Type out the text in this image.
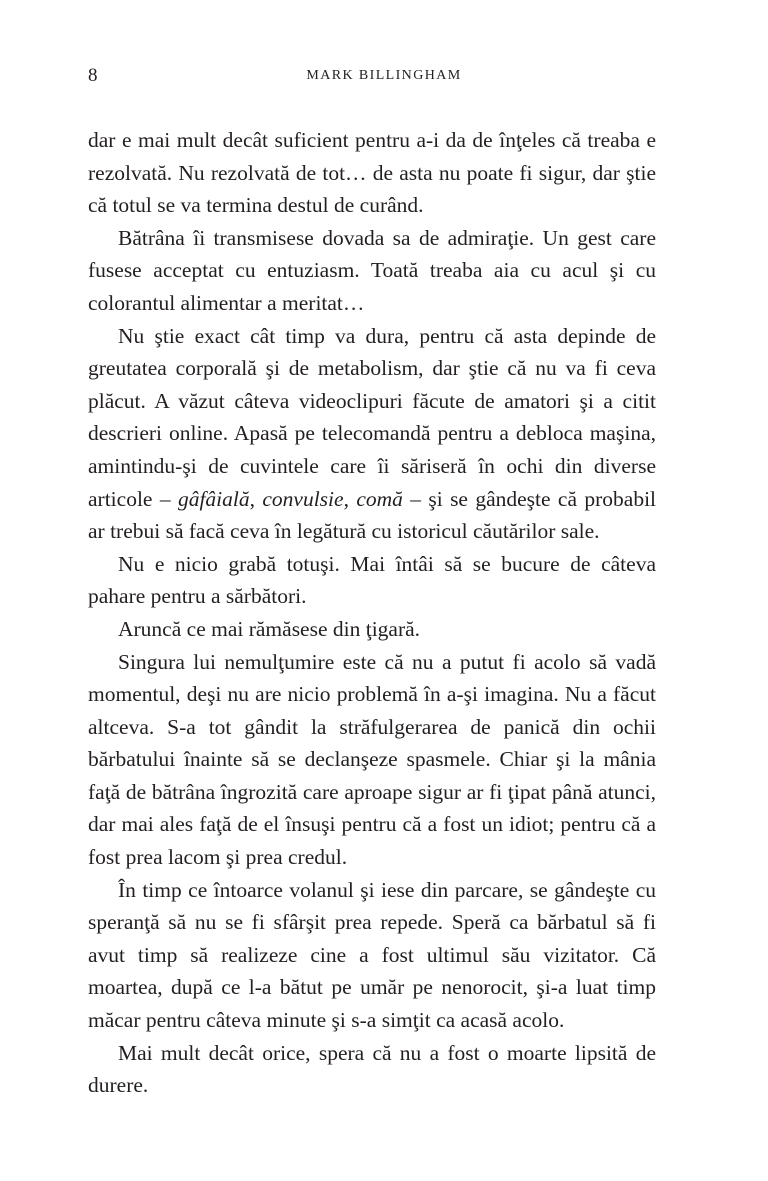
8	MARK BILLINGHAM

dar e mai mult decât suficient pentru a-i da de înţeles că treaba e rezolvată. Nu rezolvată de tot… de asta nu poate fi sigur, dar ştie că totul se va termina destul de curând.

Bătrâna îi transmisese dovada sa de admiraţie. Un gest care fusese acceptat cu entuziasm. Toată treaba aia cu acul şi cu colorantul alimentar a meritat…

Nu ştie exact cât timp va dura, pentru că asta depinde de greutatea corporală şi de metabolism, dar ştie că nu va fi ceva plăcut. A văzut câteva videoclipuri făcute de amatori şi a citit descrieri online. Apasă pe telecomandă pentru a debloca maşina, amintindu-şi de cuvintele care îi săriseră în ochi din diverse articole – gâfâială, convulsie, comă – şi se gândeşte că probabil ar trebui să facă ceva în legătură cu istoricul căutărilor sale.

Nu e nicio grabă totuşi. Mai întâi să se bucure de câteva pahare pentru a sărbători.

Aruncă ce mai rămăsese din ţigară.

Singura lui nemulţumire este că nu a putut fi acolo să vadă momentul, deşi nu are nicio problemă în a-şi imagina. Nu a făcut altceva. S-a tot gândit la străfulgerarea de panică din ochii bărbatului înainte să se declanşeze spasmele. Chiar şi la mânia faţă de bătrâna îngrozită care aproape sigur ar fi ţipat până atunci, dar mai ales faţă de el însuşi pentru că a fost un idiot; pentru că a fost prea lacom şi prea credul.

În timp ce întoarce volanul şi iese din parcare, se gândeşte cu speranţă să nu se fi sfârşit prea repede. Speră ca bărbatul să fi avut timp să realizeze cine a fost ultimul său vizitator. Că moartea, după ce l-a bătut pe umăr pe nenorocit, şi-a luat timp măcar pentru câteva minute şi s-a simţit ca acasă acolo.

Mai mult decât orice, spera că nu a fost o moarte lipsită de durere.
